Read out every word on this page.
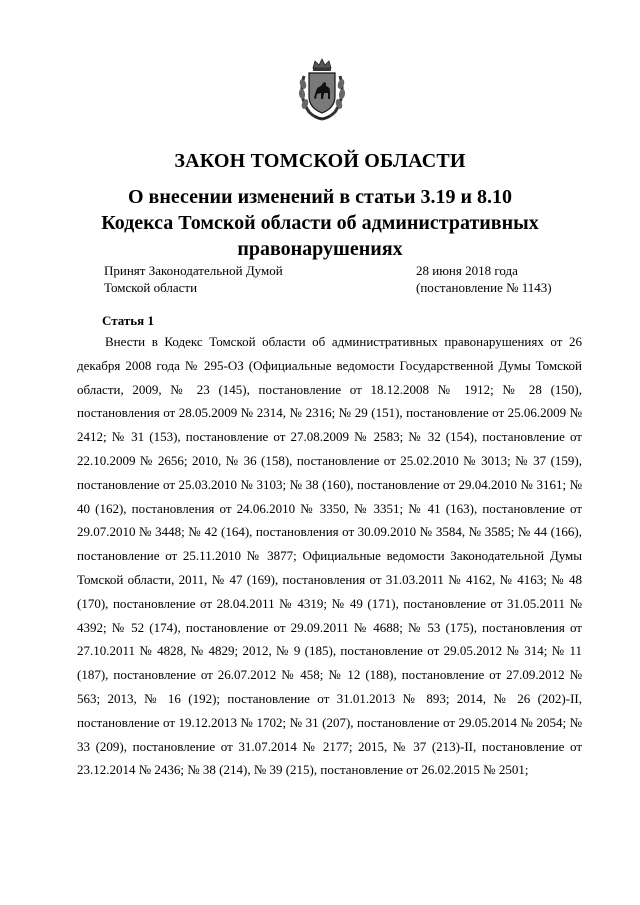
ЗАКОН ТОМСКОЙ ОБЛАСТИ
О внесении изменений в статьи 3.19 и 8.10
Кодекса Томской области об административных
правонарушениях
Принят Законодательной Думой
Томской области
28 июня 2018 года
(постановление № 1143)
Статья 1

Внести в Кодекс Томской области об административных правонарушениях от 26 декабря 2008 года № 295-ОЗ (Официальные ведомости Государственной Думы Томской области, 2009, № 23 (145), постановление от 18.12.2008 № 1912; № 28 (150), постановления от 28.05.2009 № 2314, № 2316; № 29 (151), постановление от 25.06.2009 № 2412; № 31 (153), постановление от 27.08.2009 № 2583; № 32 (154), постановление от 22.10.2009 № 2656; 2010, № 36 (158), постановление от 25.02.2010 № 3013; № 37 (159), постановление от 25.03.2010 № 3103; № 38 (160), постановление от 29.04.2010 № 3161; № 40 (162), постановления от 24.06.2010 № 3350, № 3351; № 41 (163), постановление от 29.07.2010 № 3448; № 42 (164), постановления от 30.09.2010 № 3584, № 3585; № 44 (166), постановление от 25.11.2010 № 3877; Официальные ведомости Законодательной Думы Томской области, 2011, № 47 (169), постановления от 31.03.2011 № 4162, № 4163; № 48 (170), постановление от 28.04.2011 № 4319; № 49 (171), постановление от 31.05.2011 № 4392; № 52 (174), постановление от 29.09.2011 № 4688; № 53 (175), постановления от 27.10.2011 № 4828, № 4829; 2012, № 9 (185), постановление от 29.05.2012 № 314; № 11 (187), постановление от 26.07.2012 № 458; № 12 (188), постановление от 27.09.2012 № 563; 2013, № 16 (192); постановление от 31.01.2013 № 893; 2014, № 26 (202)-II, постановление от 19.12.2013 № 1702; № 31 (207), постановление от 29.05.2014 № 2054; № 33 (209), постановление от 31.07.2014 № 2177; 2015, № 37 (213)-II, постановление от 23.12.2014 № 2436; № 38 (214), № 39 (215), постановление от 26.02.2015 № 2501;
